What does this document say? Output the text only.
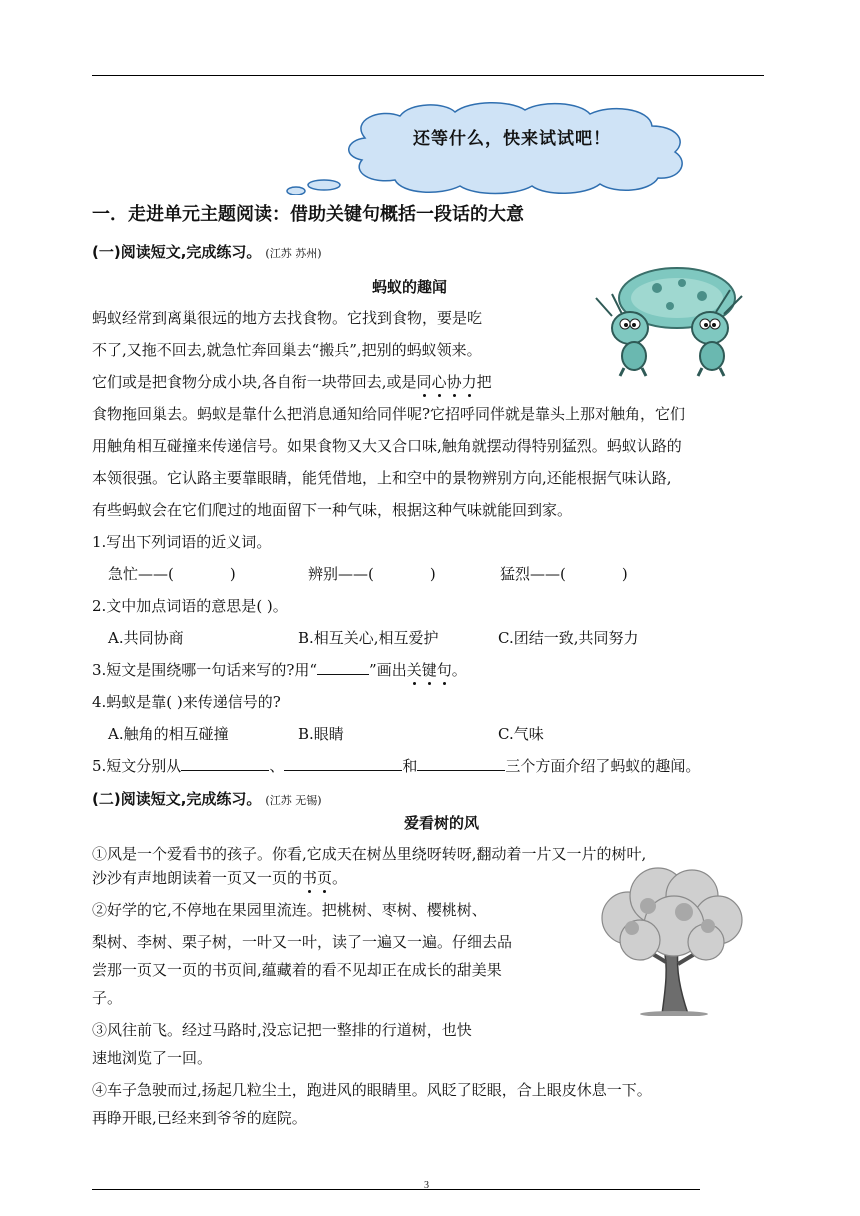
还等什么，快来试试吧！
一．走进单元主题阅读：借助关键句概括一段话的大意
(一)阅读短文,完成练习。 (江苏 苏州)
蚂蚁的趣闻
蚂蚁经常到离巢很远的地方去找食物。它找到食物，要是吃
不了,又拖不回去,就急忙奔回巢去“搬兵”,把别的蚂蚁领来。
它们或是把食物分成小块,各自衔一块带回去,或是同心协力把
食物拖回巢去。蚂蚁是靠什么把消息通知给同伴呢?它招呼同伴就是靠头上那对触角，它们
用触角相互碰撞来传递信号。如果食物又大又合口味,触角就摆动得特别猛烈。蚂蚁认路的
本领很强。它认路主要靠眼睛，能凭借地，上和空中的景物辨别方向,还能根据气味认路,
有些蚂蚁会在它们爬过的地面留下一种气味，根据这种气味就能回到家。
1.写出下列词语的近义词。
急忙——(	)	辨别——(	)	猛烈——(	)
2.文中加点词语的意思是( )。
A.共同协商	B.相互关心,相互爱护	C.团结一致,共同努力
3.短文是围绕哪一句话来写的?用“	”画出关键句。
4.蚂蚁是靠( )来传递信号的?
A.触角的相互碰撞	B.眼睛	C.气味
5.短文分别从	、	和	三个方面介绍了蚂蚁的趣闻。
(二)阅读短文,完成练习。 (江苏 无锡)
爱看树的风
①风是一个爱看书的孩子。你看,它成天在树丛里绕呀转呀,翻动着一片又一片的树叶,
沙沙有声地朗读着一页又一页的书页。
②好学的它,不停地在果园里流连。把桃树、枣树、樱桃树、
梨树、李树、栗子树，一叶又一叶，读了一遍又一遍。仔细去品
尝那一页又一页的书页间,蕴藏着的看不见却正在成长的甜美果
子。
③风往前飞。经过马路时,没忘记把一整排的行道树，也快
速地浏览了一回。
④车子急驶而过,扬起几粒尘土，跑进风的眼睛里。风眨了眨眼，合上眼皮休息一下。
再睁开眼,已经来到爷爷的庭院。
3
